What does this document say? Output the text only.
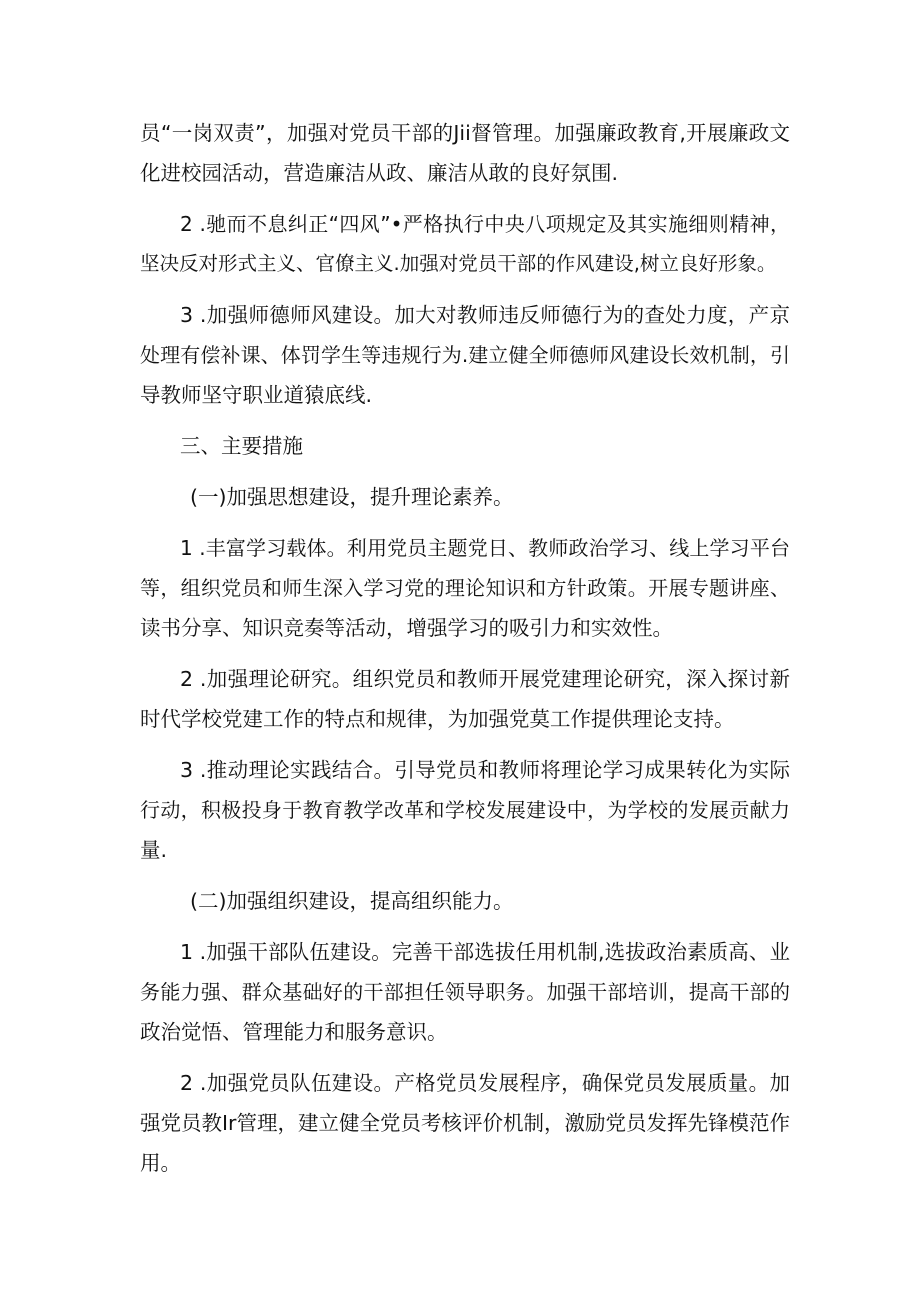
员“一岗双责”，加强对党员干部的Jii督管理。加强廉政教育,开展廉政文
化进校园活动，营造廉洁从政、廉洁从敢的良好氛围.
2 .驰而不息纠正“四风”•严格执行中央八项规定及其实施细则精神，
坚决反对形式主义、官僚主义.加强对党员干部的作风建设,树立良好形象。
3 .加强师德师风建设。加大对教师违反师德行为的查处力度，产京
处理有偿补课、体罚学生等违规行为.建立健全师德师风建设长效机制，引
导教师坚守职业道猿底线.
三、主要措施
(一)加强思想建设，提升理论素养。
1 .丰富学习载体。利用党员主题党日、教师政治学习、线上学习平台
等，组织党员和师生深入学习党的理论知识和方针政策。开展专题讲座、
读书分享、知识竞奏等活动，增强学习的吸引力和实效性。
2 .加强理论研究。组织党员和教师开展党建理论研究，深入探讨新
时代学校党建工作的特点和规律，为加强党莫工作提供理论支持。
3 .推动理论实践结合。引导党员和教师将理论学习成果转化为实际
行动，积极投身于教育教学改革和学校发展建设中，为学校的发展贡献力
量.
(二)加强组织建设，提高组织能力。
1 .加强干部队伍建设。完善干部选拔任用机制,选拔政治素质高、业
务能力强、群众基础好的干部担任领导职务。加强干部培训，提高干部的
政治觉悟、管理能力和服务意识。
2 .加强党员队伍建设。产格党员发展程序，确保党员发展质量。加
强党员教Ir管理，建立健全党员考核评价机制，激励党员发挥先锋模范作
用。
